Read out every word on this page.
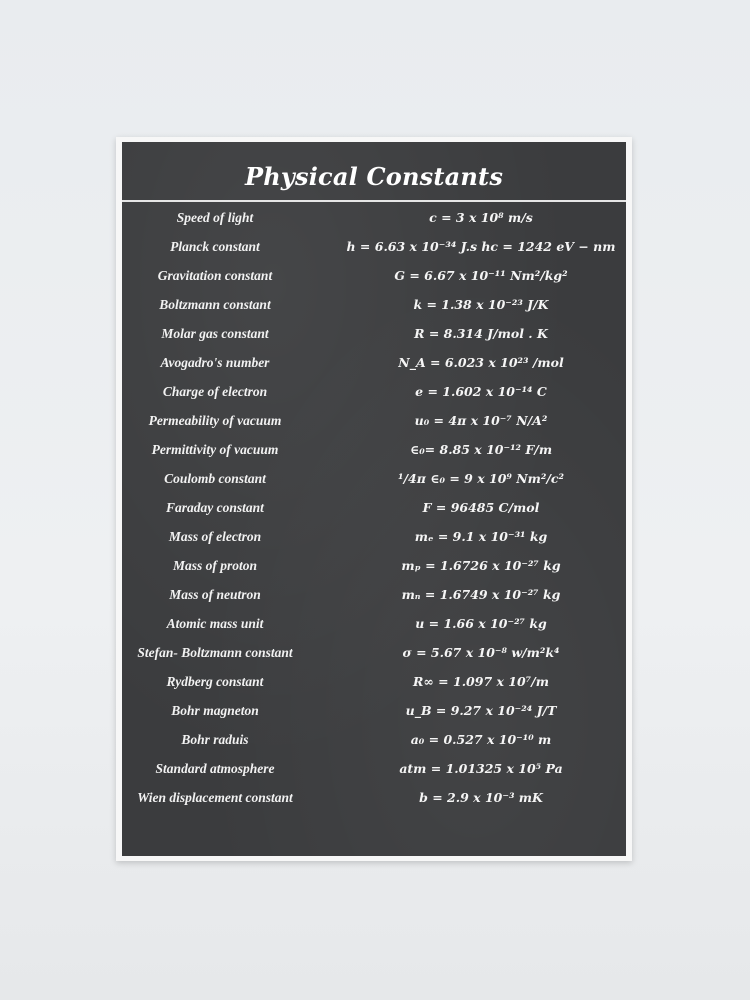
Physical Constants
Speed of light	c = 3 x 10⁸ m/s
Planck constant	h = 6.63 x 10⁻³⁴ J.s hc = 1242 eV − nm
Gravitation constant	G = 6.67 x 10⁻¹¹ Nm²/kg²
Boltzmann constant	k = 1.38 x 10⁻²³ J/K
Molar gas constant	R = 8.314 J/mol . K
Avogadro's number	N_A = 6.023 x 10²³ /mol
Charge of electron	e = 1.602 x 10⁻¹⁴ C
Permeability of vacuum	u₀ = 4π x 10⁻⁷ N/A²
Permittivity of vacuum	∈₀= 8.85 x 10⁻¹² F/m
Coulomb constant	¹/4π ∈₀ = 9 x 10⁹ Nm²/c²
Faraday constant	F = 96485 C/mol
Mass of electron	mₑ = 9.1 x 10⁻³¹ kg
Mass of proton	mₚ = 1.6726 x 10⁻²⁷ kg
Mass of neutron	mₙ = 1.6749 x 10⁻²⁷ kg
Atomic mass unit	u = 1.66 x 10⁻²⁷ kg
Stefan- Boltzmann constant	σ = 5.67 x 10⁻⁸ w/m²k⁴
Rydberg constant	R∞ = 1.097 x 10⁷/m
Bohr magneton	u_B = 9.27 x 10⁻²⁴ J/T
Bohr raduis	a₀ = 0.527 x 10⁻¹⁰ m
Standard atmosphere	atm = 1.01325 x 10⁵ Pa
Wien displacement constant	b = 2.9 x 10⁻³ mK
